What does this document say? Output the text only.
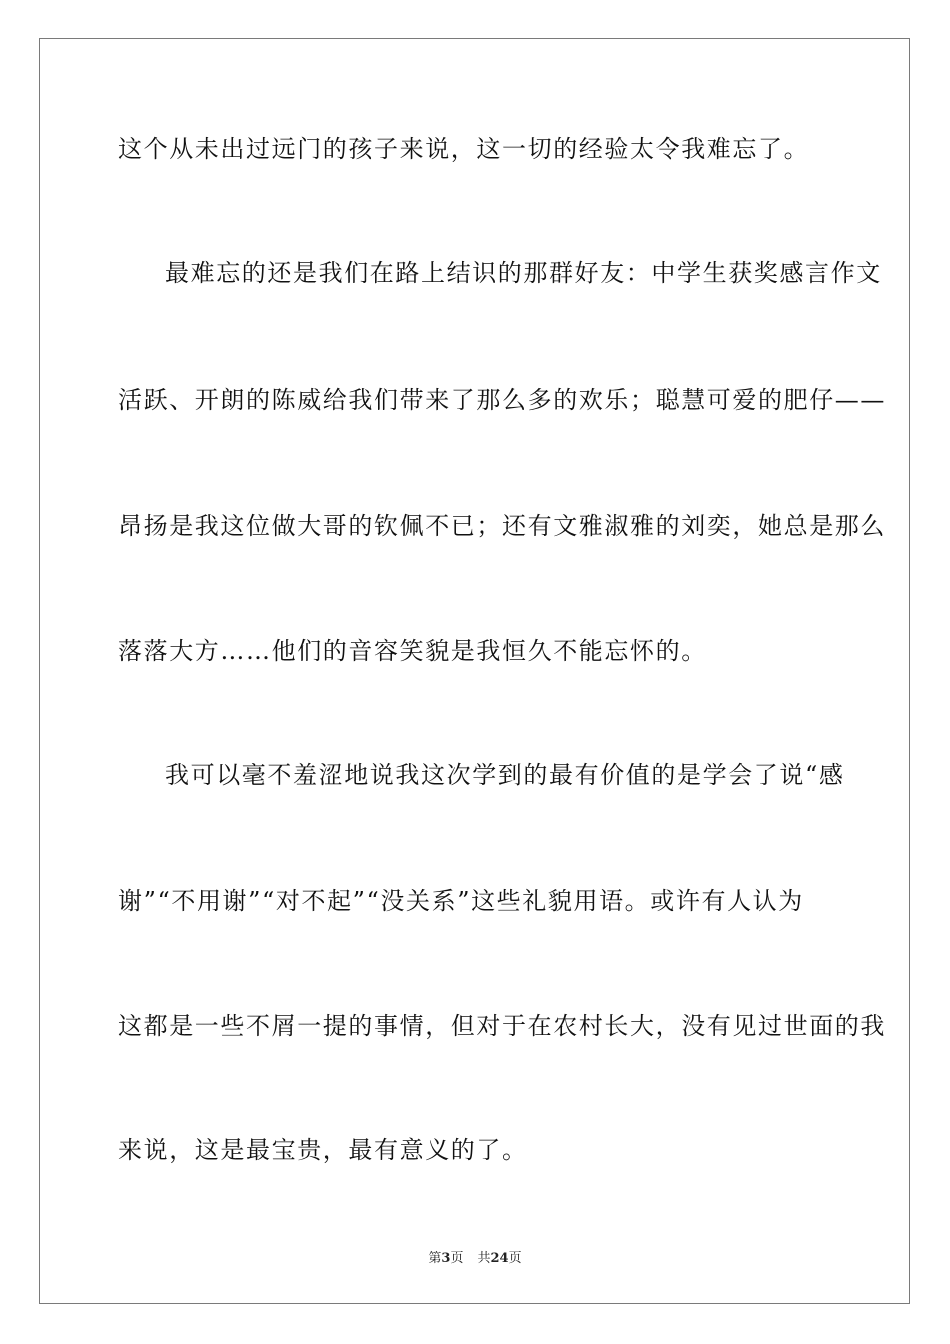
这个从未出过远门的孩子来说，这一切的经验太令我难忘了。
最难忘的还是我们在路上结识的那群好友：中学生获奖感言作文
活跃、开朗的陈威给我们带来了那么多的欢乐；聪慧可爱的肥仔——
昂扬是我这位做大哥的钦佩不已；还有文雅淑雅的刘奕，她总是那么
落落大方……他们的音容笑貌是我恒久不能忘怀的。
我可以毫不羞涩地说我这次学到的最有价值的是学会了说“感
谢”“不用谢”“对不起”“没关系”这些礼貌用语。或许有人认为
这都是一些不屑一提的事情，但对于在农村长大，没有见过世面的我
来说，这是最宝贵，最有意义的了。
第3页 共24页
